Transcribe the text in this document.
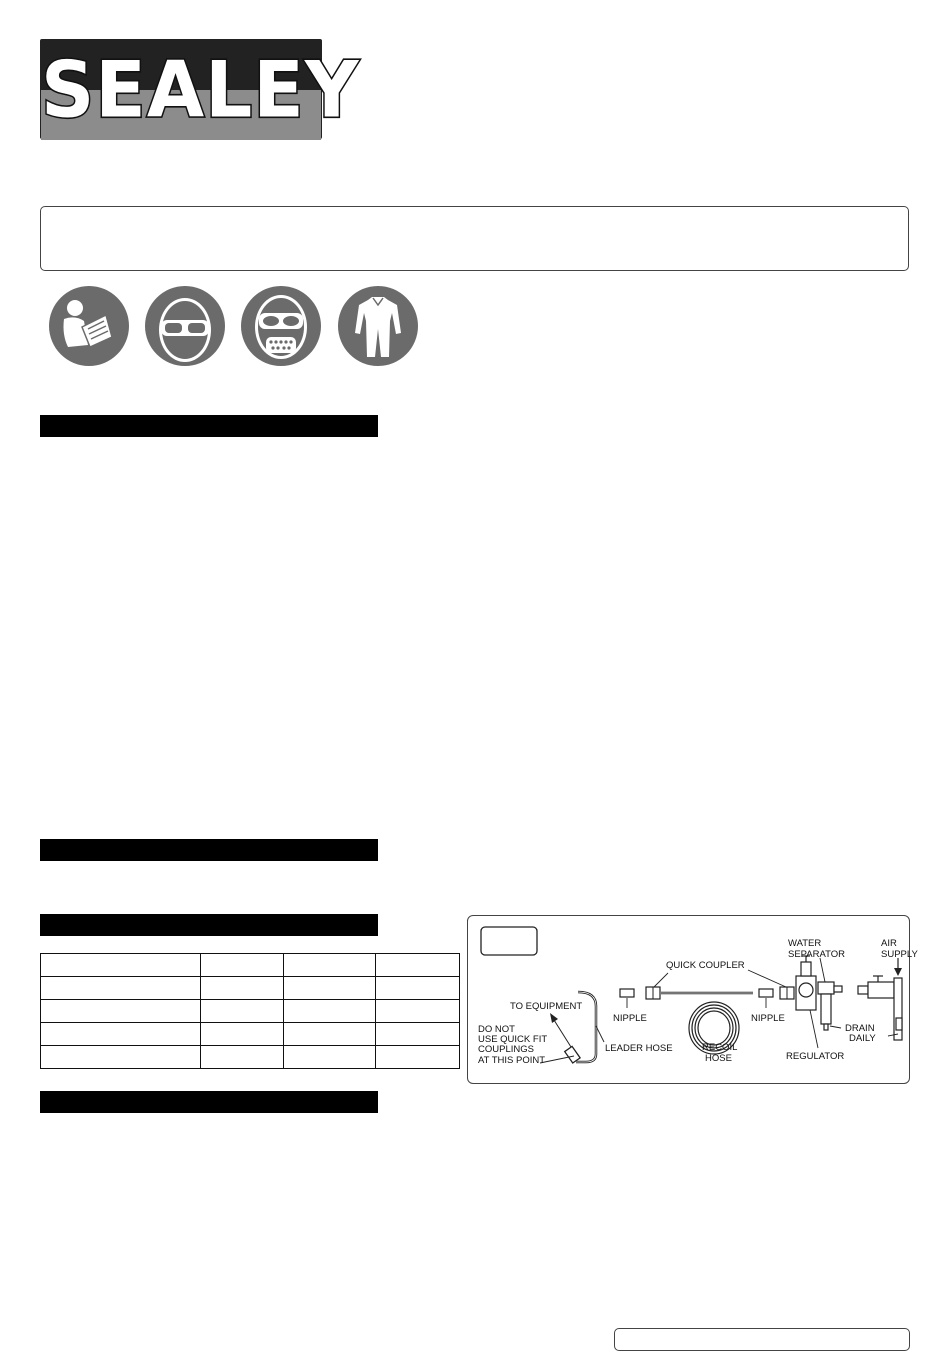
SEALEY

QUICK COUPLER
WATER
SEPARATOR
AIR
SUPPLY
TO EQUIPMENT
NIPPLE	NIPPLE
DO NOT
USE QUICK FIT
COUPLINGS
AT THIS POINT
LEADER HOSE	RECOIL
HOSE	REGULATOR
DRAIN
DAILY
